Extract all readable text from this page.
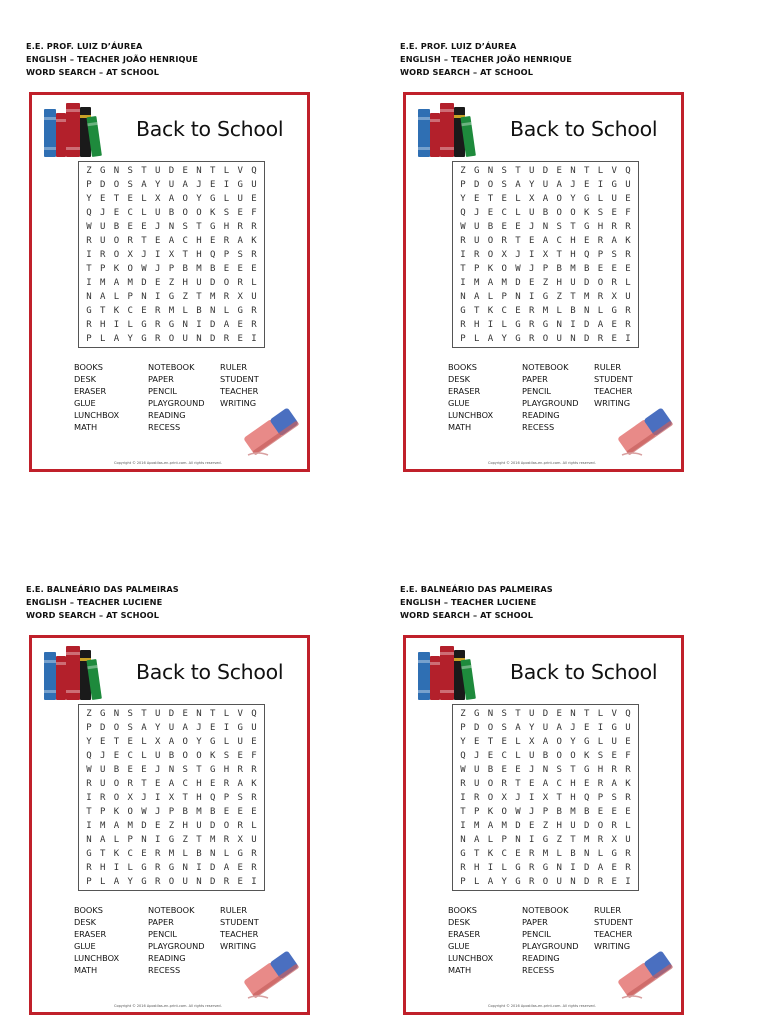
E.E. PROF. LUIZ D’ÁUREA
ENGLISH – TEACHER JOÃO HENRIQUE
WORD SEARCH – AT SCHOOL
Back to School
Z G N S T U D E N T L V Q
P D O S A Y U A J E I G U
Y E T E L X A O Y G L U E
Q J E C L U B O O K S E F
W U B E E J N S T G H R R
R U O R T E A C H E R A K
I R O X J I X T H Q P S R
T P K O W J P B M B E E E
I M A M D E Z H U D O R L
N A L P N I G Z T M R X U
G T K C E R M L B N L G R
R H I L G R G N I D A E R
P L A Y G R O U N D R E I
BOOKS
DESK
ERASER
GLUE
LUNCHBOX
MATH
NOTEBOOK
PAPER
PENCIL
PLAYGROUND
READING
RECESS
RULER
STUDENT
TEACHER
WRITING
Copyright © 2016 Apostilas-en-print.com. All rights reserved.
E.E. PROF. LUIZ D’ÁUREA
ENGLISH – TEACHER JOÃO HENRIQUE
WORD SEARCH – AT SCHOOL
Back to School
Z G N S T U D E N T L V Q
P D O S A Y U A J E I G U
Y E T E L X A O Y G L U E
Q J E C L U B O O K S E F
W U B E E J N S T G H R R
R U O R T E A C H E R A K
I R O X J I X T H Q P S R
T P K O W J P B M B E E E
I M A M D E Z H U D O R L
N A L P N I G Z T M R X U
G T K C E R M L B N L G R
R H I L G R G N I D A E R
P L A Y G R O U N D R E I
BOOKS
DESK
ERASER
GLUE
LUNCHBOX
MATH
NOTEBOOK
PAPER
PENCIL
PLAYGROUND
READING
RECESS
RULER
STUDENT
TEACHER
WRITING
Copyright © 2016 Apostilas-en-print.com. All rights reserved.
E.E. BALNEÁRIO DAS PALMEIRAS
ENGLISH – TEACHER LUCIENE
WORD SEARCH – AT SCHOOL
Back to School
Z G N S T U D E N T L V Q
P D O S A Y U A J E I G U
Y E T E L X A O Y G L U E
Q J E C L U B O O K S E F
W U B E E J N S T G H R R
R U O R T E A C H E R A K
I R O X J I X T H Q P S R
T P K O W J P B M B E E E
I M A M D E Z H U D O R L
N A L P N I G Z T M R X U
G T K C E R M L B N L G R
R H I L G R G N I D A E R
P L A Y G R O U N D R E I
BOOKS
DESK
ERASER
GLUE
LUNCHBOX
MATH
NOTEBOOK
PAPER
PENCIL
PLAYGROUND
READING
RECESS
RULER
STUDENT
TEACHER
WRITING
Copyright © 2016 Apostilas-en-print.com. All rights reserved.
E.E. BALNEÁRIO DAS PALMEIRAS
ENGLISH – TEACHER LUCIENE
WORD SEARCH – AT SCHOOL
Back to School
Z G N S T U D E N T L V Q
P D O S A Y U A J E I G U
Y E T E L X A O Y G L U E
Q J E C L U B O O K S E F
W U B E E J N S T G H R R
R U O R T E A C H E R A K
I R O X J I X T H Q P S R
T P K O W J P B M B E E E
I M A M D E Z H U D O R L
N A L P N I G Z T M R X U
G T K C E R M L B N L G R
R H I L G R G N I D A E R
P L A Y G R O U N D R E I
BOOKS
DESK
ERASER
GLUE
LUNCHBOX
MATH
NOTEBOOK
PAPER
PENCIL
PLAYGROUND
READING
RECESS
RULER
STUDENT
TEACHER
WRITING
Copyright © 2016 Apostilas-en-print.com. All rights reserved.
